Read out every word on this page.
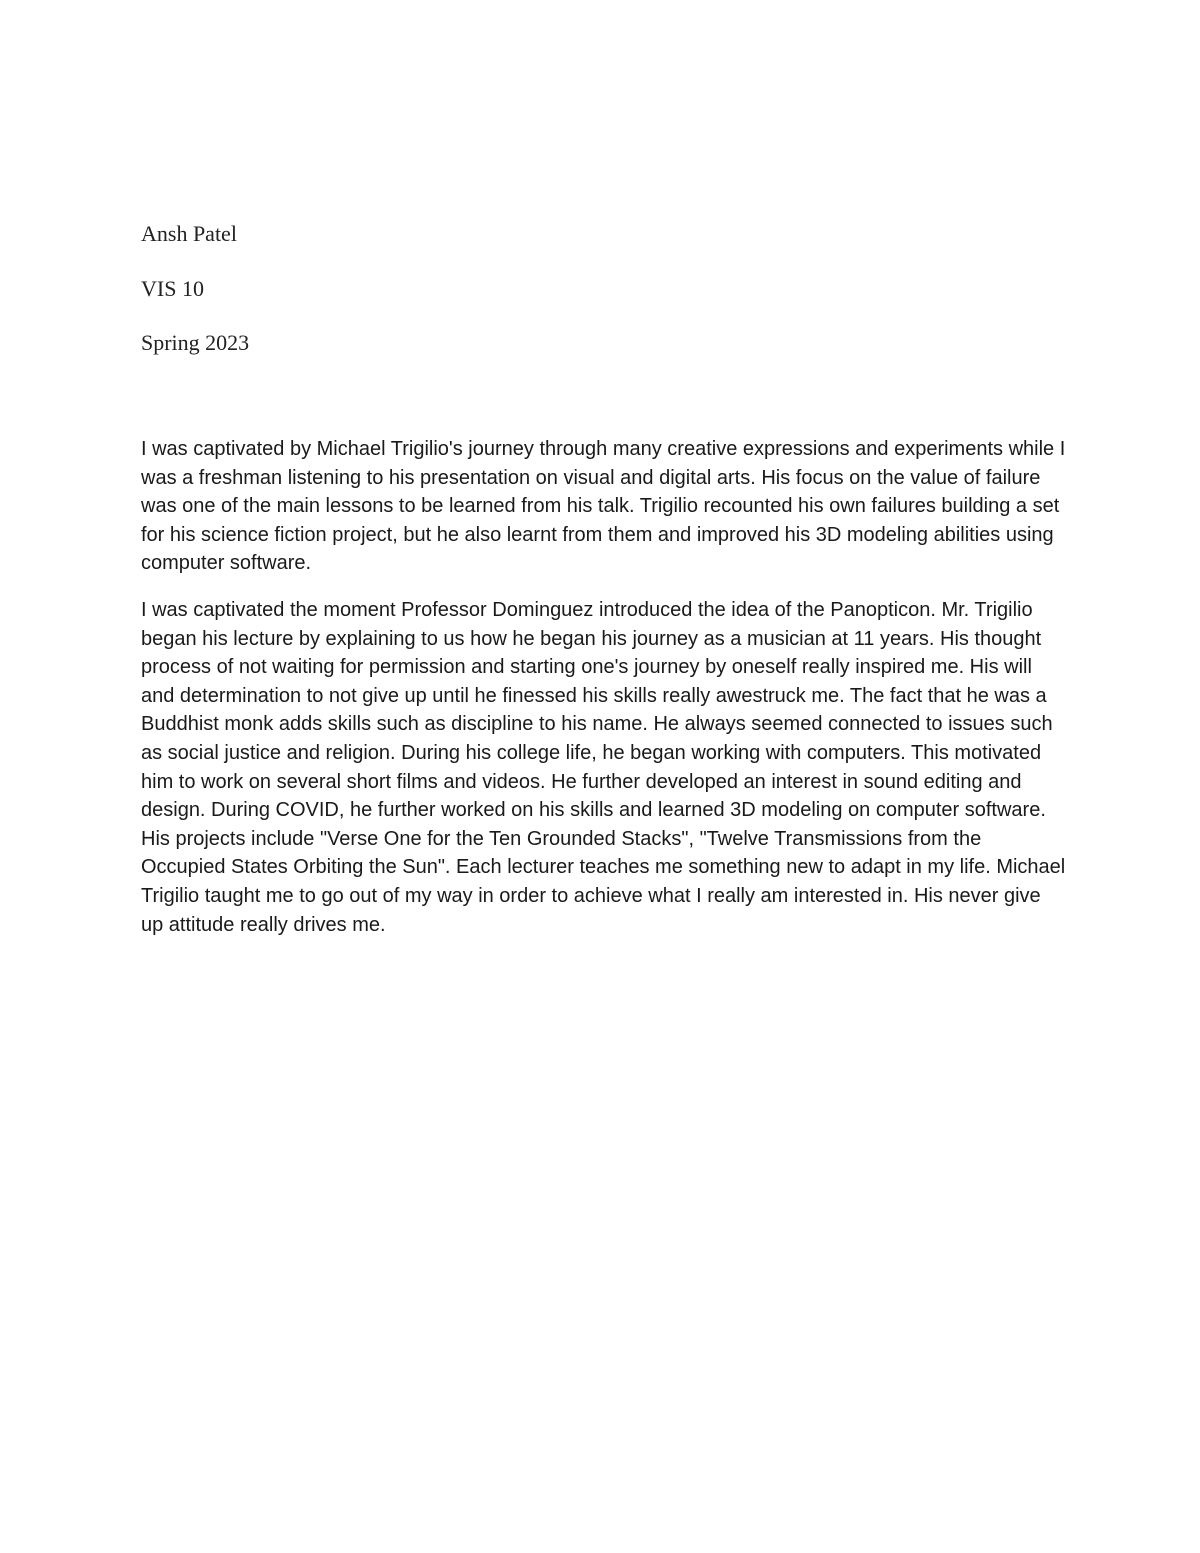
Ansh Patel
VIS 10
Spring 2023

I was captivated by Michael Trigilio's journey through many creative expressions and experiments while I was a freshman listening to his presentation on visual and digital arts. His focus on the value of failure was one of the main lessons to be learned from his talk. Trigilio recounted his own failures building a set for his science fiction project, but he also learnt from them and improved his 3D modeling abilities using computer software.

I was captivated the moment Professor Dominguez introduced the idea of the Panopticon. Mr. Trigilio began his lecture by explaining to us how he began his journey as a musician at 11 years. His thought process of not waiting for permission and starting one's journey by oneself really inspired me. His will and determination to not give up until he finessed his skills really awestruck me. The fact that he was a Buddhist monk adds skills such as discipline to his name. He always seemed connected to issues such as social justice and religion. During his college life, he began working with computers. This motivated him to work on several short films and videos. He further developed an interest in sound editing and design. During COVID, he further worked on his skills and learned 3D modeling on computer software. His projects include "Verse One for the Ten Grounded Stacks", "Twelve Transmissions from the Occupied States Orbiting the Sun". Each lecturer teaches me something new to adapt in my life. Michael Trigilio taught me to go out of my way in order to achieve what I really am interested in. His never give up attitude really drives me.
